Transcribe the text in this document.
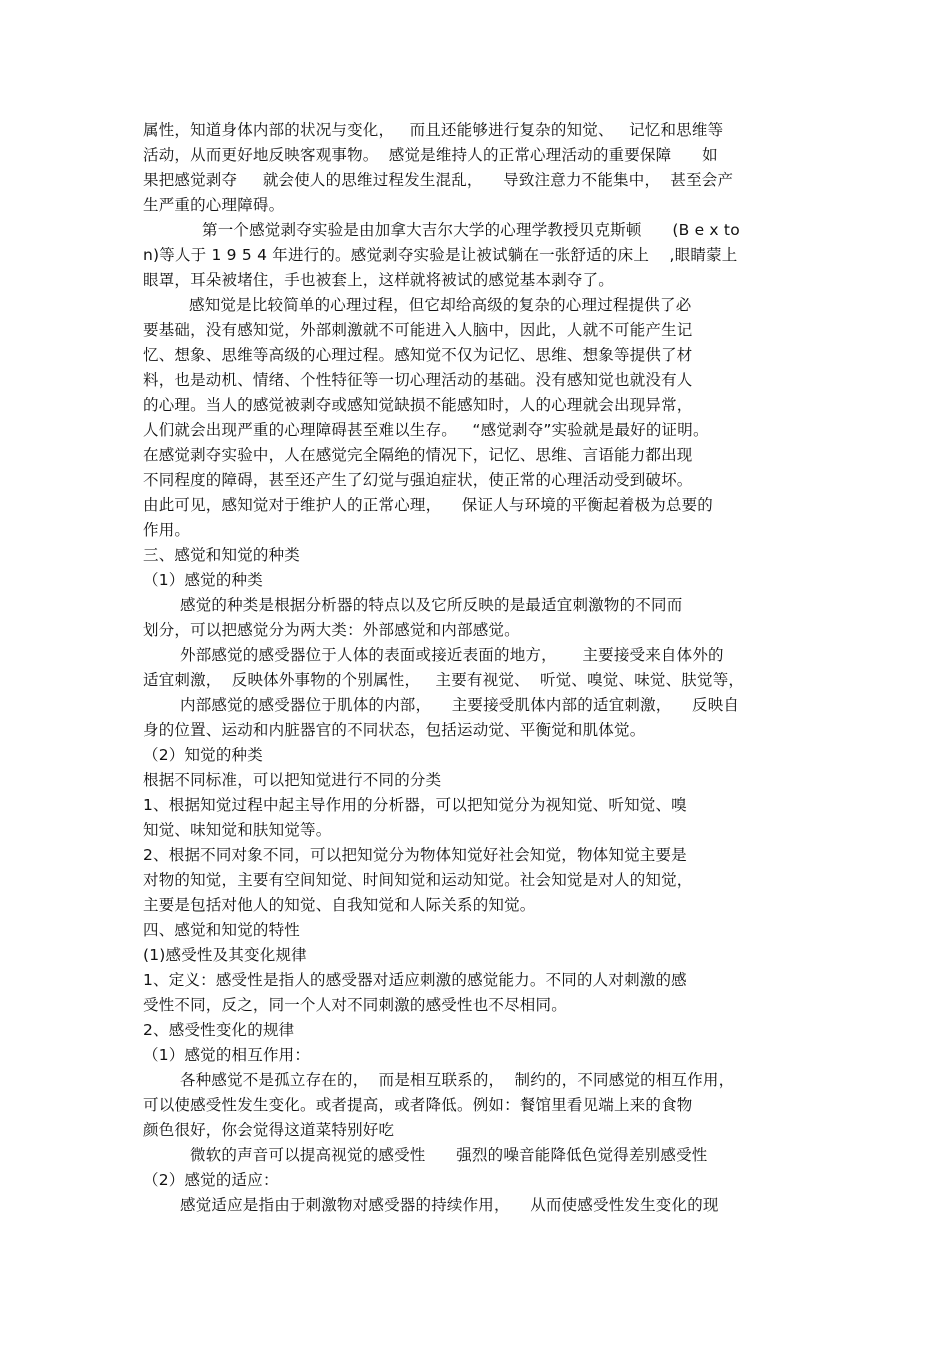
属性，知道身体内部的状况与变化，   而且还能够进行复杂的知觉、   记忆和思维等
活动，从而更好地反映客观事物。  感觉是维持人的正常心理活动的重要保障      如
果把感觉剥夺     就会使人的思维过程发生混乱，    导致注意力不能集中，  甚至会产
生严重的心理障碍。
第一个感觉剥夺实验是由加拿大吉尔大学的心理学教授贝克斯顿      (B e x to
n)等人于 1 9 5 4 年进行的。感觉剥夺实验是让被试躺在一张舒适的床上    ,眼睛蒙上
眼罩，耳朵被堵住，手也被套上，这样就将被试的感觉基本剥夺了。
感知觉是比较简单的心理过程，但它却给高级的复杂的心理过程提供了必
要基础，没有感知觉，外部刺激就不可能进入人脑中，因此，人就不可能产生记
忆、想象、思维等高级的心理过程。感知觉不仅为记忆、思维、想象等提供了材
料，也是动机、情绪、个性特征等一切心理活动的基础。没有感知觉也就没有人
的心理。当人的感觉被剥夺或感知觉缺损不能感知时，人的心理就会出现异常，
人们就会出现严重的心理障碍甚至难以生存。   “感觉剥夺”实验就是最好的证明。
在感觉剥夺实验中，人在感觉完全隔绝的情况下，记忆、思维、言语能力都出现
不同程度的障碍，甚至还产生了幻觉与强迫症状，使正常的心理活动受到破坏。
由此可见，感知觉对于维护人的正常心理，    保证人与环境的平衡起着极为总要的
作用。
三、感觉和知觉的种类
（1）感觉的种类
感觉的种类是根据分析器的特点以及它所反映的是最适宜刺激物的不同而
划分，可以把感觉分为两大类：外部感觉和内部感觉。
外部感觉的感受器位于人体的表面或接近表面的地方，     主要接受来自体外的
适宜刺激，  反映体外事物的个别属性，   主要有视觉、  听觉、嗅觉、味觉、肤觉等，
内部感觉的感受器位于肌体的内部，    主要接受肌体内部的适宜刺激，    反映自
身的位置、运动和内脏器官的不同状态，包括运动觉、平衡觉和肌体觉。
（2）知觉的种类
根据不同标准，可以把知觉进行不同的分类
1、根据知觉过程中起主导作用的分析器，可以把知觉分为视知觉、听知觉、嗅
知觉、味知觉和肤知觉等。
2、根据不同对象不同，可以把知觉分为物体知觉好社会知觉，物体知觉主要是
对物的知觉，主要有空间知觉、时间知觉和运动知觉。社会知觉是对人的知觉，
主要是包括对他人的知觉、自我知觉和人际关系的知觉。
四、感觉和知觉的特性
(1)感受性及其变化规律
1、定义：感受性是指人的感受器对适应刺激的感觉能力。不同的人对刺激的感
受性不同，反之，同一个人对不同刺激的感受性也不尽相同。
2、感受性变化的规律
（1）感觉的相互作用：
各种感觉不是孤立存在的，  而是相互联系的，  制约的，不同感觉的相互作用，
可以使感受性发生变化。或者提高，或者降低。例如：餐馆里看见端上来的食物
颜色很好，你会觉得这道菜特别好吃
微软的声音可以提高视觉的感受性      强烈的噪音能降低色觉得差别感受性
（2）感觉的适应：
感觉适应是指由于刺激物对感受器的持续作用，    从而使感受性发生变化的现
